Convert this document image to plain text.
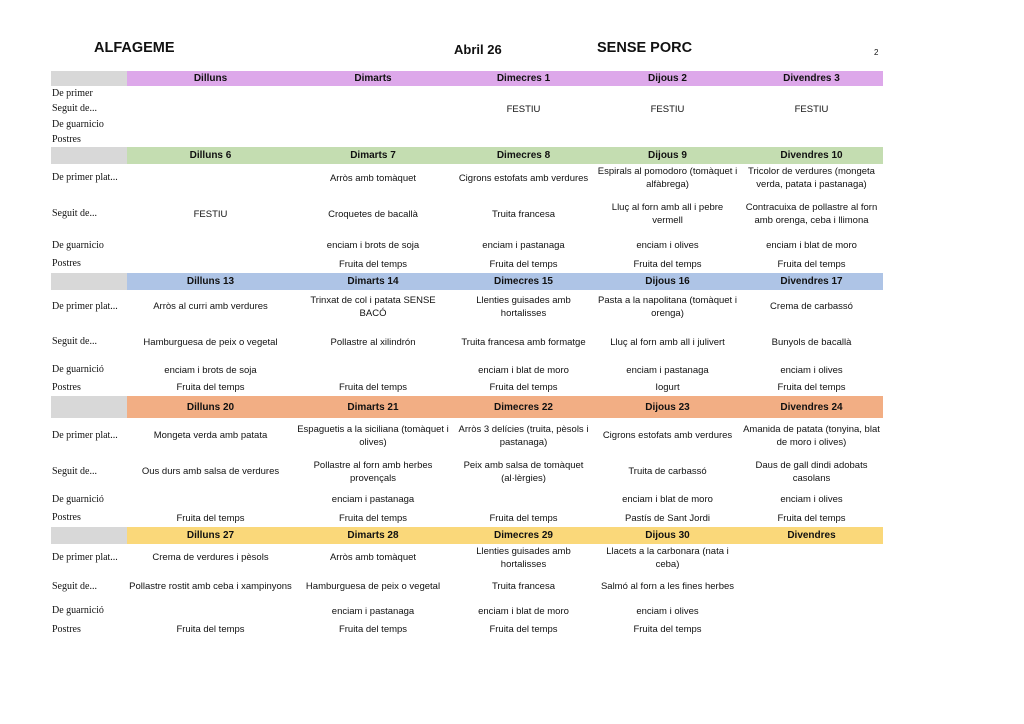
ALFAGEME	Abril 26	SENSE PORC	2
	Dilluns	Dimarts	Dimecres 1	Dijous 2	Divendres 3
De primer					
Seguit de...			FESTIU	FESTIU	FESTIU
De guarnicio					
Postres					
	Dilluns 6	Dimarts 7	Dimecres 8	Dijous 9	Divendres 10
De primer plat...		Arròs amb tomàquet	Cigrons estofats amb verdures	Espirals al pomodoro (tomàquet i alfàbrega)	Tricolor de verdures (mongeta verda, patata i pastanaga)
Seguit de...	FESTIU	Croquetes de bacallà	Truita francesa	Lluç al forn amb all i pebre vermell	Contracuixa de pollastre al forn amb orenga, ceba i llimona
De guarnicio		enciam i brots de soja	enciam i pastanaga	enciam i olives	enciam i blat de moro
Postres		Fruita del temps	Fruita del temps	Fruita del temps	Fruita del temps
	Dilluns 13	Dimarts 14	Dimecres 15	Dijous 16	Divendres 17
De primer plat...	Arròs al curri amb verdures	Trinxat de col i patata SENSE BACÓ	Llenties guisades amb hortalisses	Pasta a la napolitana (tomàquet i orenga)	Crema de carbassó
Seguit de...	Hamburguesa de peix o vegetal	Pollastre al xilindrón	Truita francesa amb formatge	Lluç al forn amb all i julivert	Bunyols de bacallà
De guarnició	enciam i brots de soja		enciam i blat de moro	enciam i pastanaga	enciam i olives
Postres	Fruita del temps	Fruita del temps	Fruita del temps	Iogurt	Fruita del temps
	Dilluns 20	Dimarts 21	Dimecres 22	Dijous 23	Divendres 24
De primer plat...	Mongeta verda amb patata	Espaguetis a la siciliana (tomàquet i olives)	Arròs 3 delícies (truita, pèsols i pastanaga)	Cigrons estofats amb verdures	Amanida de patata (tonyina, blat de moro i olives)
Seguit de...	Ous durs amb salsa de verdures	Pollastre al forn amb herbes provençals	Peix amb salsa de tomàquet (al·lèrgies)	Truita de carbassó	Daus de gall dindi adobats casolans
De guarnició		enciam i pastanaga		enciam i blat de moro	enciam i olives
Postres	Fruita del temps	Fruita del temps	Fruita del temps	Pastís de Sant Jordi	Fruita del temps
	Dilluns 27	Dimarts 28	Dimecres 29	Dijous 30	Divendres
De primer plat...	Crema de verdures i pèsols	Arròs amb tomàquet	Llenties guisades amb hortalisses	Llacets a la carbonara (nata i ceba)	
Seguit de...	Pollastre rostit amb ceba i xampinyons	Hamburguesa de peix o vegetal	Truita francesa	Salmó al forn a les fines herbes	
De guarnició		enciam i pastanaga	enciam i blat de moro	enciam i olives	
Postres	Fruita del temps	Fruita del temps	Fruita del temps	Fruita del temps	
